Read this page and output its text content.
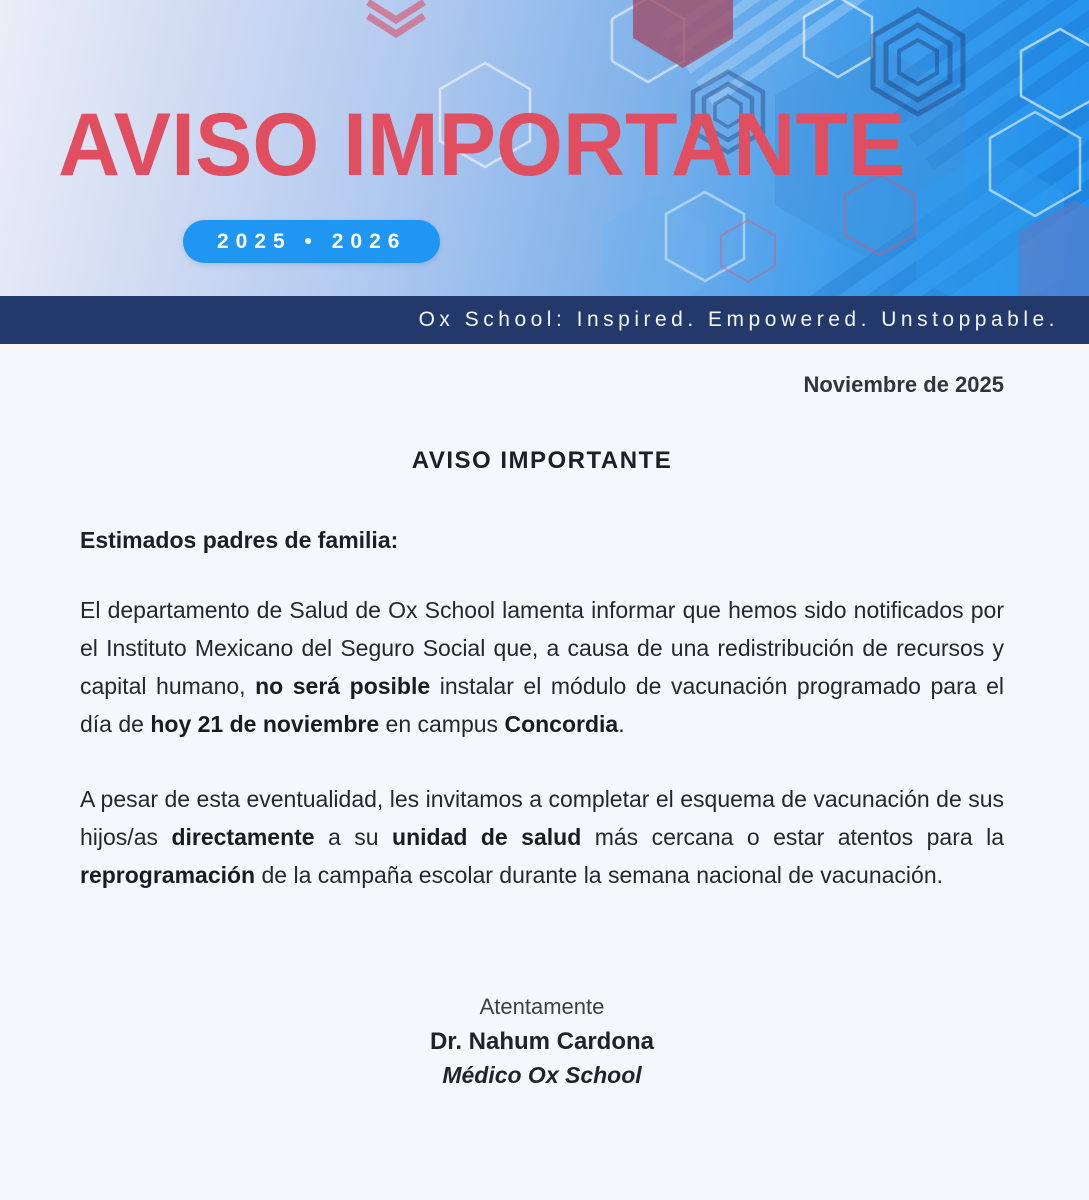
AVISO IMPORTANTE
2025 • 2026
Ox School: Inspired. Empowered. Unstoppable.

Noviembre de 2025

AVISO IMPORTANTE

Estimados padres de familia:

El departamento de Salud de Ox School lamenta informar que hemos sido notificados por el Instituto Mexicano del Seguro Social que, a causa de una redistribución de recursos y capital humano, no será posible instalar el módulo de vacunación programado para el día de hoy 21 de noviembre en campus Concordia.

A pesar de esta eventualidad, les invitamos a completar el esquema de vacunación de sus hijos/as directamente a su unidad de salud más cercana o estar atentos para la reprogramación de la campaña escolar durante la semana nacional de vacunación.

Atentamente

Dr. Nahum Cardona

Médico Ox School
